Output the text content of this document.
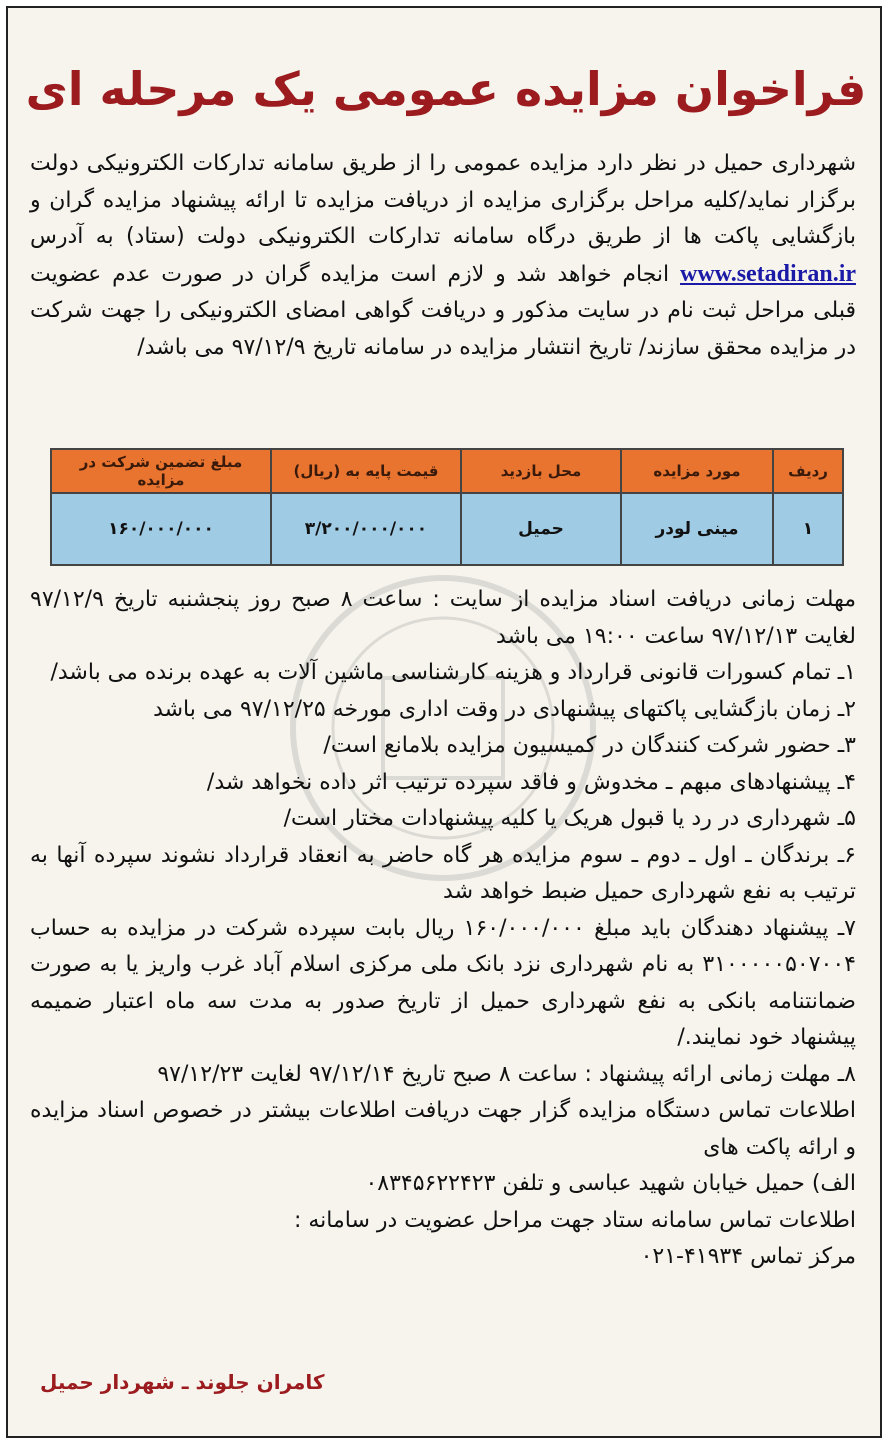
فراخوان مزایده عمومی یک مرحله ای
شهرداری حمیل در نظر دارد مزایده عمومی را از طریق سامانه تدارکات الکترونیکی دولت برگزار نماید/کلیه مراحل برگزاری مزایده از دریافت مزایده تا ارائه پیشنهاد مزایده گران و بازگشایی پاکت ها از طریق درگاه سامانه تدارکات الکترونیکی دولت (ستاد) به آدرس www.setadiran.ir انجام خواهد شد و لازم است مزایده گران در صورت عدم عضویت قبلی مراحل ثبت نام در سایت مذکور و دریافت گواهی امضای الکترونیکی را جهت شرکت در مزایده محقق سازند/ تاریخ انتشار مزایده در سامانه تاریخ ۹۷/۱۲/۹ می باشد/
ردیف	مورد مزایده	محل بازدید	قیمت پایه به (ریال)	مبلغ تضمین شرکت در مزایده
۱	مینی لودر	حمیل	۳/۲۰۰/۰۰۰/۰۰۰	۱۶۰/۰۰۰/۰۰۰

مهلت زمانی دریافت اسناد مزایده از سایت : ساعت ۸ صبح روز پنجشنبه تاریخ ۹۷/۱۲/۹ لغایت ۹۷/۱۲/۱۳ ساعت ۱۹:۰۰ می باشد

۱ـ تمام کسورات قانونی قرارداد و هزینه کارشناسی ماشین آلات به عهده برنده می باشد/

۲ـ زمان بازگشایی پاکتهای پیشنهادی در وقت اداری مورخه ۹۷/۱۲/۲۵ می باشد

۳ـ حضور شرکت کنندگان در کمیسیون مزایده بلامانع است/

۴ـ پیشنهادهای مبهم ـ مخدوش و فاقد سپرده ترتیب اثر داده نخواهد شد/

۵ـ شهرداری در رد یا قبول هریک یا کلیه پیشنهادات مختار است/

۶ـ برندگان ـ اول ـ دوم ـ سوم مزایده هر گاه حاضر به انعقاد قرارداد نشوند سپرده آنها به ترتیب به نفع شهرداری حمیل ضبط خواهد شد

۷ـ پیشنهاد دهندگان باید مبلغ ۱۶۰/۰۰۰/۰۰۰ ریال بابت سپرده شرکت در مزایده به حساب ۳۱۰۰۰۰۰۵۰۷۰۰۴ به نام شهرداری نزد بانک ملی مرکزی اسلام آباد غرب واریز یا به صورت ضمانتنامه بانکی به نفع شهرداری حمیل از تاریخ صدور به مدت سه ماه اعتبار ضمیمه پیشنهاد خود نمایند./

۸ـ مهلت زمانی ارائه پیشنهاد : ساعت ۸ صبح تاریخ ۹۷/۱۲/۱۴ لغایت ۹۷/۱۲/۲۳

اطلاعات تماس دستگاه مزایده گزار جهت دریافت اطلاعات بیشتر در خصوص اسناد مزایده و ارائه پاکت های

الف) حمیل خیابان شهید عباسی و تلفن ۰۸۳۴۵۶۲۲۴۲۳

اطلاعات تماس سامانه ستاد جهت مراحل عضویت در سامانه :

مرکز تماس ۴۱۹۳۴-۰۲۱

کامران جلوند ـ شهردار حمیل
